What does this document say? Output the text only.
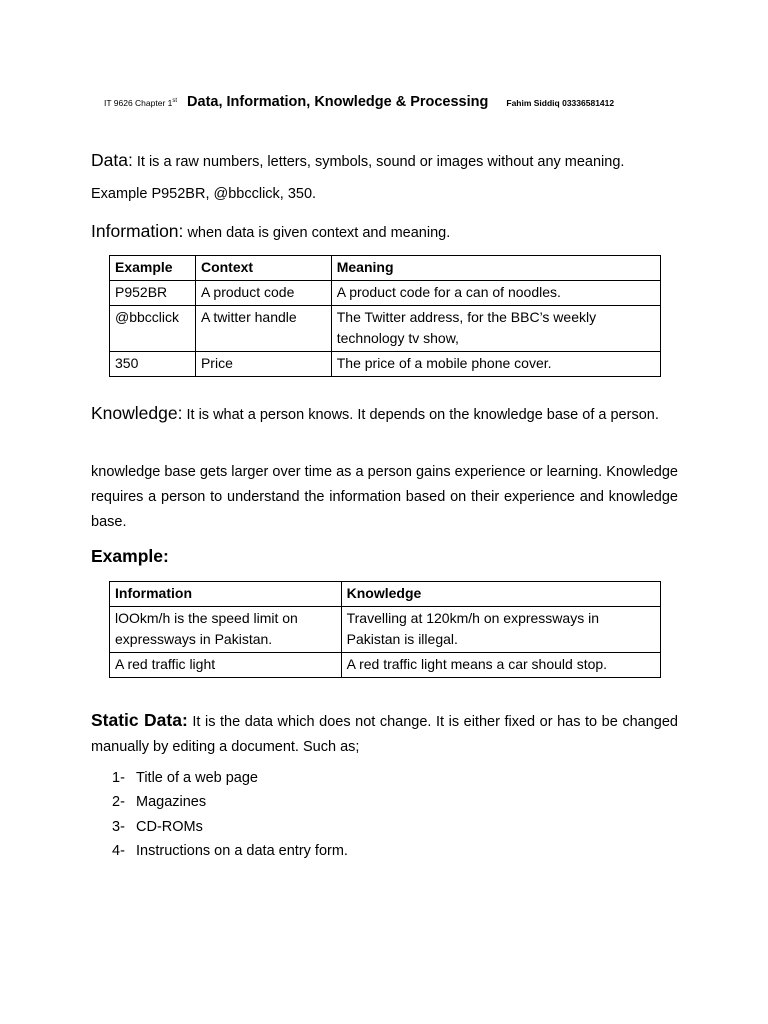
IT 9626 Chapter 1st Data, Information, Knowledge & Processing Fahim Siddiq 03336581412

Data: It is a raw numbers, letters, symbols, sound or images without any meaning.

Example P952BR, @bbcclick, 350.

Information: when data is given context and meaning.

Example	Context	Meaning
P952BR	A product code	A product code for a can of noodles.
@bbcclick	A twitter handle	The Twitter address, for the BBC’s weekly technology tv show,
350	Price	The price of a mobile phone cover.

Knowledge: It is what a person knows. It depends on the knowledge base of a person.

knowledge base gets larger over time as a person gains experience or learning. Knowledge requires a person to understand the information based on their experience and knowledge base.

Example:

Information	Knowledge
lOOkm/h is the speed limit on expressways in Pakistan.	Travelling at 120km/h on expressways in Pakistan is illegal.
A red traffic light	A red traffic light means a car should stop.

Static Data: It is the data which does not change. It is either fixed or has to be changed manually by editing a document. Such as;

1- Title of a web page
2- Magazines
3- CD-ROMs
4- Instructions on a data entry form.
